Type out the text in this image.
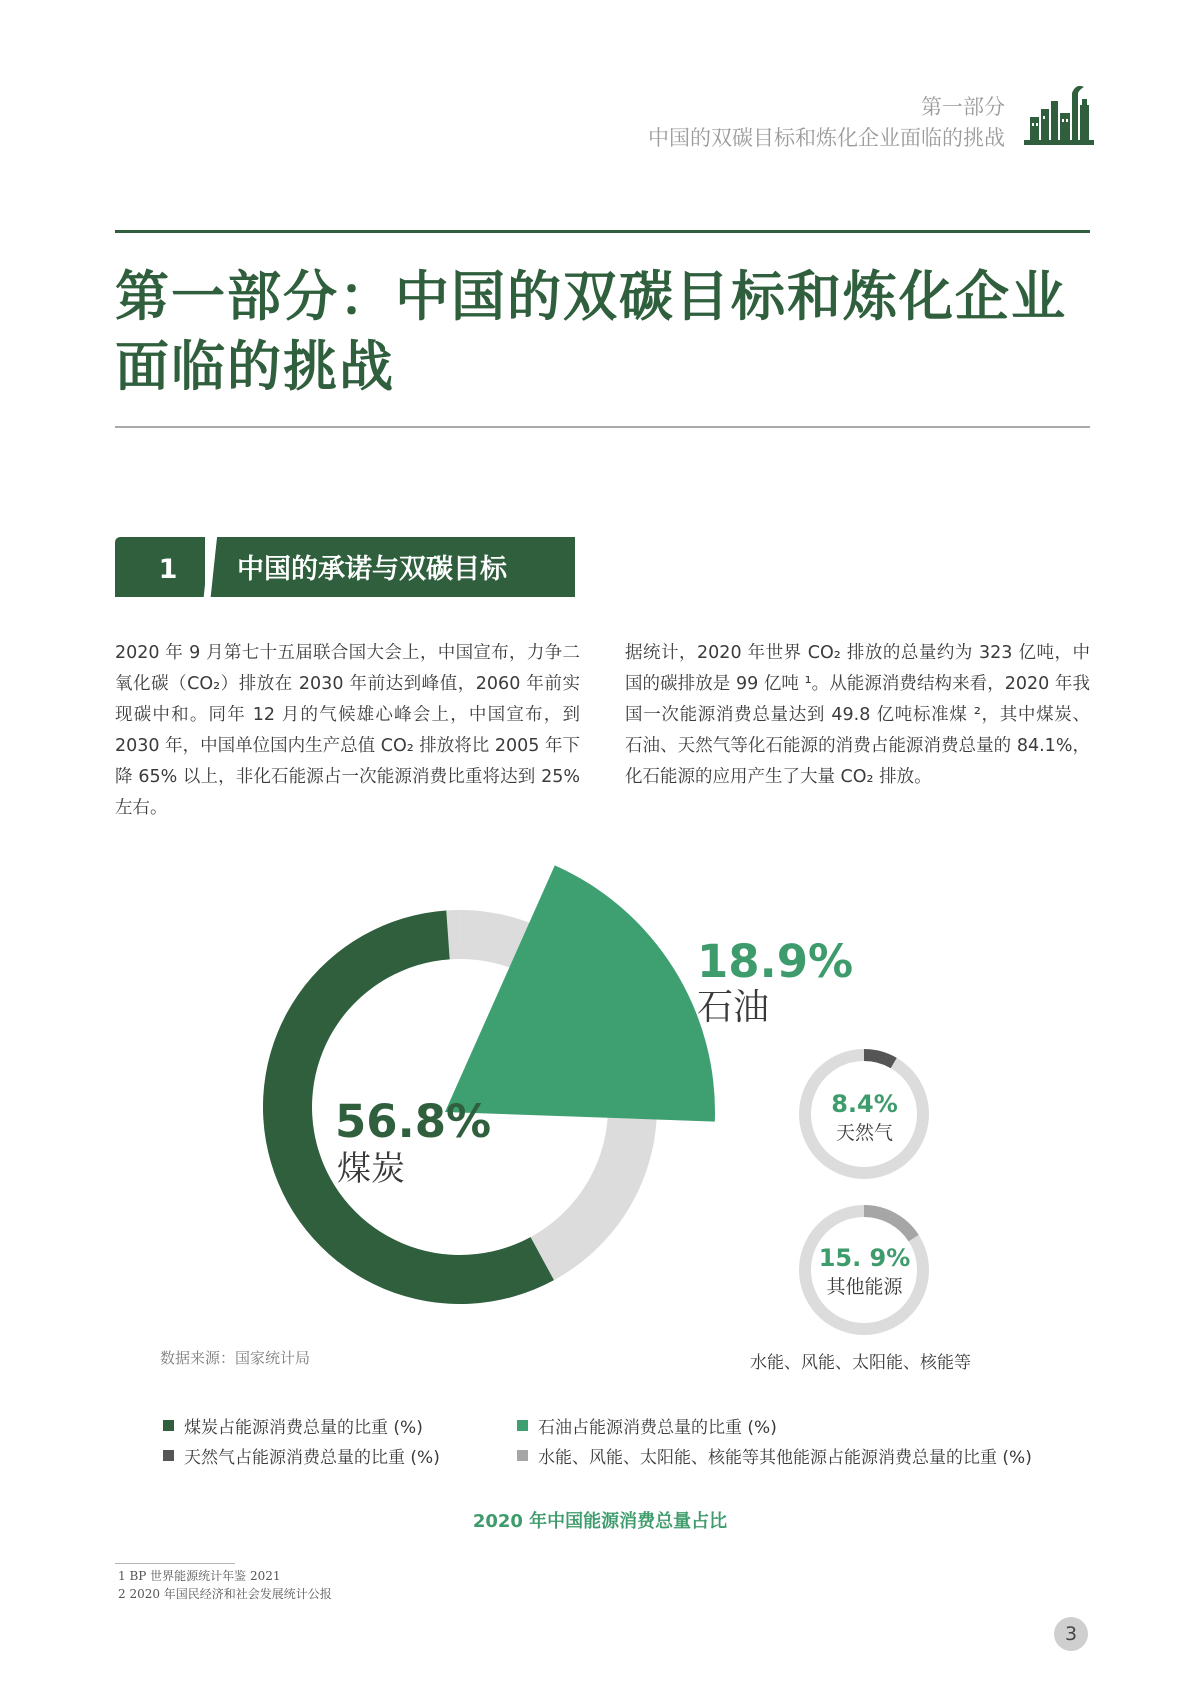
第一部分
中国的双碳目标和炼化企业面临的挑战
第一部分：中国的双碳目标和炼化企业
面临的挑战
1 中国的承诺与双碳目标
2020 年 9 月第七十五届联合国大会上，中国宣布，力争二氧化碳（CO₂）排放在 2030 年前达到峰值，2060 年前实现碳中和。同年 12 月的气候雄心峰会上，中国宣布，到 2030 年，中国单位国内生产总值 CO₂ 排放将比 2005 年下降 65% 以上，非化石能源占一次能源消费比重将达到 25% 左右。
据统计，2020 年世界 CO₂ 排放的总量约为 323 亿吨，中国的碳排放是 99 亿吨 ¹。从能源消费结构来看，2020 年我国一次能源消费总量达到 49.8 亿吨标准煤 ²，其中煤炭、石油、天然气等化石能源的消费占能源消费总量的 84.1%，化石能源的应用产生了大量 CO₂ 排放。
18.9%
石油
56.8%
煤炭
8.4%
天然气
15. 9%
其他能源
数据来源：国家统计局	水能、风能、太阳能、核能等
煤炭占能源消费总量的比重 (%)	石油占能源消费总量的比重 (%)
天然气占能源消费总量的比重 (%)	水能、风能、太阳能、核能等其他能源占能源消费总量的比重 (%)
2020 年中国能源消费总量占比
1 BP 世界能源统计年鉴 2021
2 2020 年国民经济和社会发展统计公报
3
